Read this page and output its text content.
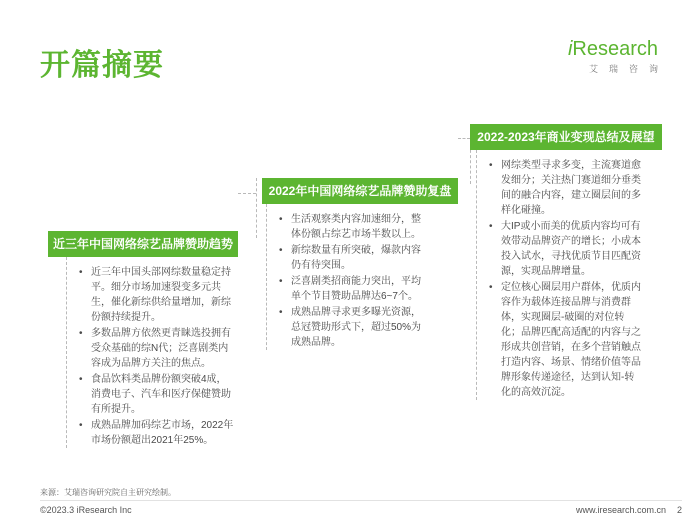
开篇摘要	iResearch
艾瑞咨询
近三年中国网络综艺品牌赞助趋势
• 近三年中国头部网综数量稳定持平。细分市场加速裂变多元共生，催化新综供给量增加，新综份额持续提升。
• 多数品牌方依然更青睐选投拥有受众基础的综N代；泛喜剧类内容成为品牌方关注的焦点。
• 食品饮料类品牌份额突破4成，消费电子、汽车和医疗保健赞助有所提升。
• 成熟品牌加码综艺市场，2022年市场份额超出2021年25%。
2022年中国网络综艺品牌赞助复盘
• 生活观察类内容加速细分，整体份额占综艺市场半数以上。
• 新综数量有所突破，爆款内容仍有待突围。
• 泛喜剧类招商能力突出，平均单个节目赞助品牌达6~7个。
• 成熟品牌寻求更多曝光资源，总冠赞助形式下，超过50%为成熟品牌。
2022-2023年商业变现总结及展望
• 网综类型寻求多变，主流赛道愈发细分；关注热门赛道细分垂类间的融合内容，建立圈层间的多样化碰撞。
• 大IP或小而美的优质内容均可有效带动品牌资产的增长；小成本投入试水，寻找优质节目匹配资源，实现品牌增量。
• 定位核心圈层用户群体，优质内容作为载体连接品牌与消费群体，实现圈层-破圈的对位转化；品牌匹配高适配的内容与之形成共创营销，在多个营销触点打造内容、场景、情绪价值等品牌形象传递途径，达到认知-转化的高效沉淀。
来源：艾瑞咨询研究院自主研究绘制。
©2023.3 iResearch Inc	www.iresearch.com.cn 2
